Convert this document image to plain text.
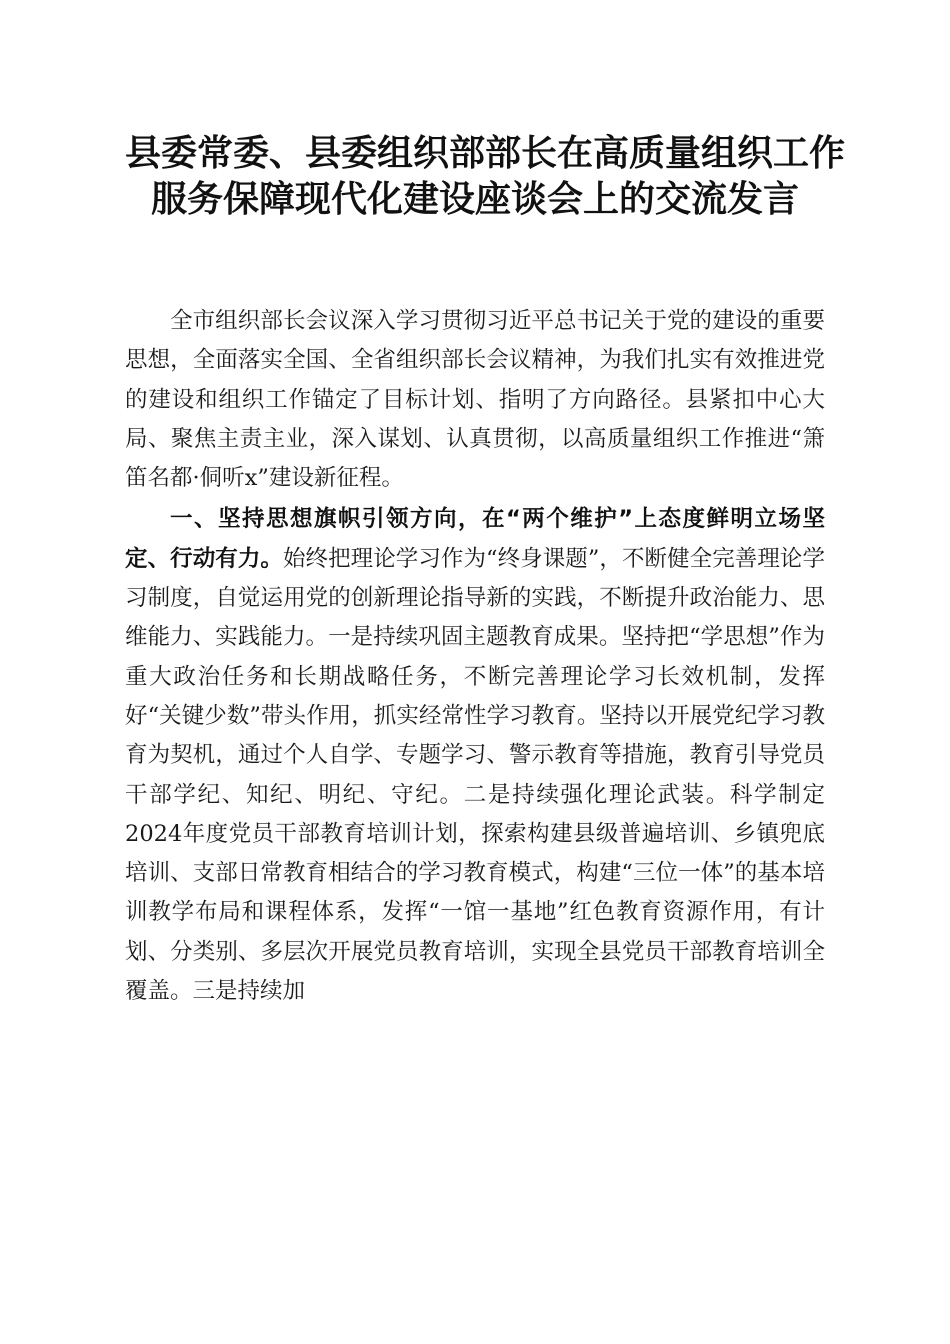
县委常委、县委组织部部长在高质量组织工作
服务保障现代化建设座谈会上的交流发言

全市组织部长会议深入学习贯彻习近平总书记关于党的建设的重要思想，全面落实全国、全省组织部长会议精神，为我们扎实有效推进党的建设和组织工作锚定了目标计划、指明了方向路径。县紧扣中心大局、聚焦主责主业，深入谋划、认真贯彻，以高质量组织工作推进“箫笛名都·侗听x”建设新征程。

一、坚持思想旗帜引领方向，在“两个维护”上态度鲜明立场坚定、行动有力。始终把理论学习作为“终身课题”，不断健全完善理论学习制度，自觉运用党的创新理论指导新的实践，不断提升政治能力、思维能力、实践能力。一是持续巩固主题教育成果。坚持把“学思想”作为重大政治任务和长期战略任务，不断完善理论学习长效机制，发挥好“关键少数”带头作用，抓实经常性学习教育。坚持以开展党纪学习教育为契机，通过个人自学、专题学习、警示教育等措施，教育引导党员干部学纪、知纪、明纪、守纪。二是持续强化理论武装。科学制定2024年度党员干部教育培训计划，探索构建县级普遍培训、乡镇兜底培训、支部日常教育相结合的学习教育模式，构建“三位一体”的基本培训教学布局和课程体系，发挥“一馆一基地”红色教育资源作用，有计划、分类别、多层次开展党员教育培训，实现全县党员干部教育培训全覆盖。三是持续加
